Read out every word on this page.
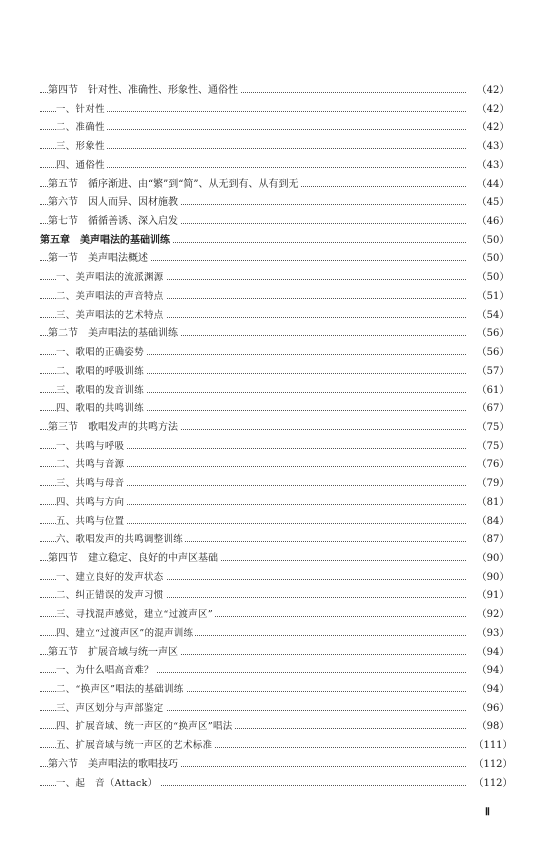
第四节　针对性、准确性、形象性、通俗性	（42）
一、针对性	（42）
二、准确性	（42）
三、形象性	（43）
四、通俗性	（43）
第五节　循序渐进、由“繁”到“简”、从无到有、从有到无	（44）
第六节　因人而异、因材施教	（45）
第七节　循循善诱、深入启发	（46）
第五章　美声唱法的基础训练	（50）
第一节　美声唱法概述	（50）
一、美声唱法的流派渊源	（50）
二、美声唱法的声音特点	（51）
三、美声唱法的艺术特点	（54）
第二节　美声唱法的基础训练	（56）
一、歌唱的正确姿势	（56）
二、歌唱的呼吸训练	（57）
三、歌唱的发音训练	（61）
四、歌唱的共鸣训练	（67）
第三节　歌唱发声的共鸣方法	（75）
一、共鸣与呼吸	（75）
二、共鸣与音源	（76）
三、共鸣与母音	（79）
四、共鸣与方向	（81）
五、共鸣与位置	（84）
六、歌唱发声的共鸣调整训练	（87）
第四节　建立稳定、良好的中声区基础	（90）
一、建立良好的发声状态	（90）
二、纠正错误的发声习惯	（91）
三、寻找混声感觉，建立“过渡声区”	（92）
四、建立“过渡声区”的混声训练	（93）
第五节　扩展音域与统一声区	（94）
一、为什么唱高音难？	（94）
二、“换声区”唱法的基础训练	（94）
三、声区划分与声部鉴定	（96）
四、扩展音域、统一声区的“换声区”唱法	（98）
五、扩展音域与统一声区的艺术标准	（111）
第六节　美声唱法的歌唱技巧	（112）
一、起　音（Attack）	（112）
Ⅱ
